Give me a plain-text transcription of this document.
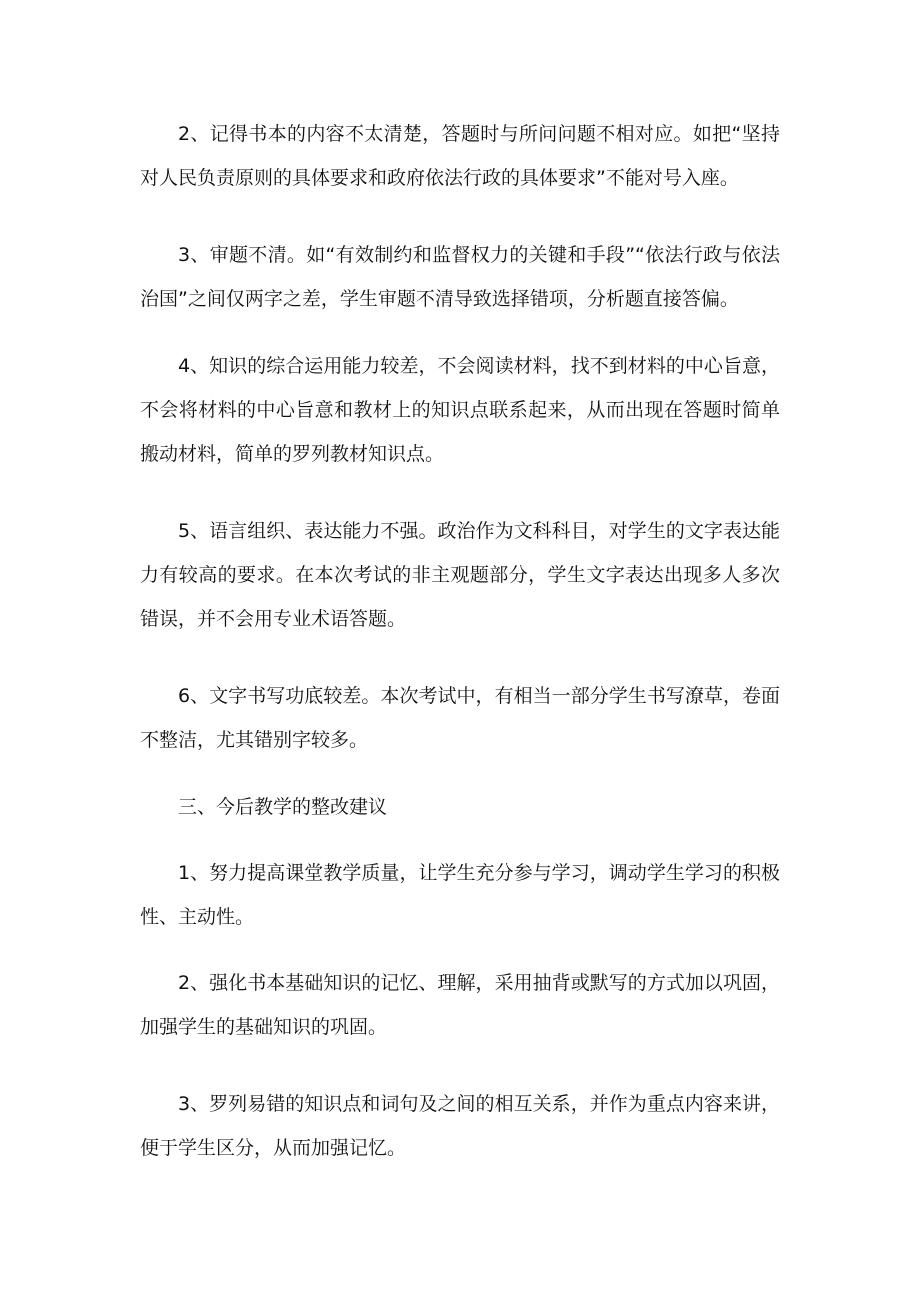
2、记得书本的内容不太清楚，答题时与所问问题不相对应。如把“坚持对人民负责原则的具体要求和政府依法行政的具体要求”不能对号入座。

3、审题不清。如“有效制约和监督权力的关键和手段”“依法行政与依法治国”之间仅两字之差，学生审题不清导致选择错项，分析题直接答偏。

4、知识的综合运用能力较差，不会阅读材料，找不到材料的中心旨意，不会将材料的中心旨意和教材上的知识点联系起来，从而出现在答题时简单搬动材料，简单的罗列教材知识点。

5、语言组织、表达能力不强。政治作为文科科目，对学生的文字表达能力有较高的要求。在本次考试的非主观题部分，学生文字表达出现多人多次错误，并不会用专业术语答题。

6、文字书写功底较差。本次考试中，有相当一部分学生书写潦草，卷面不整洁，尤其错别字较多。

三、今后教学的整改建议

1、努力提高课堂教学质量，让学生充分参与学习，调动学生学习的积极性、主动性。

2、强化书本基础知识的记忆、理解，采用抽背或默写的方式加以巩固，加强学生的基础知识的巩固。

3、罗列易错的知识点和词句及之间的相互关系，并作为重点内容来讲，便于学生区分，从而加强记忆。
